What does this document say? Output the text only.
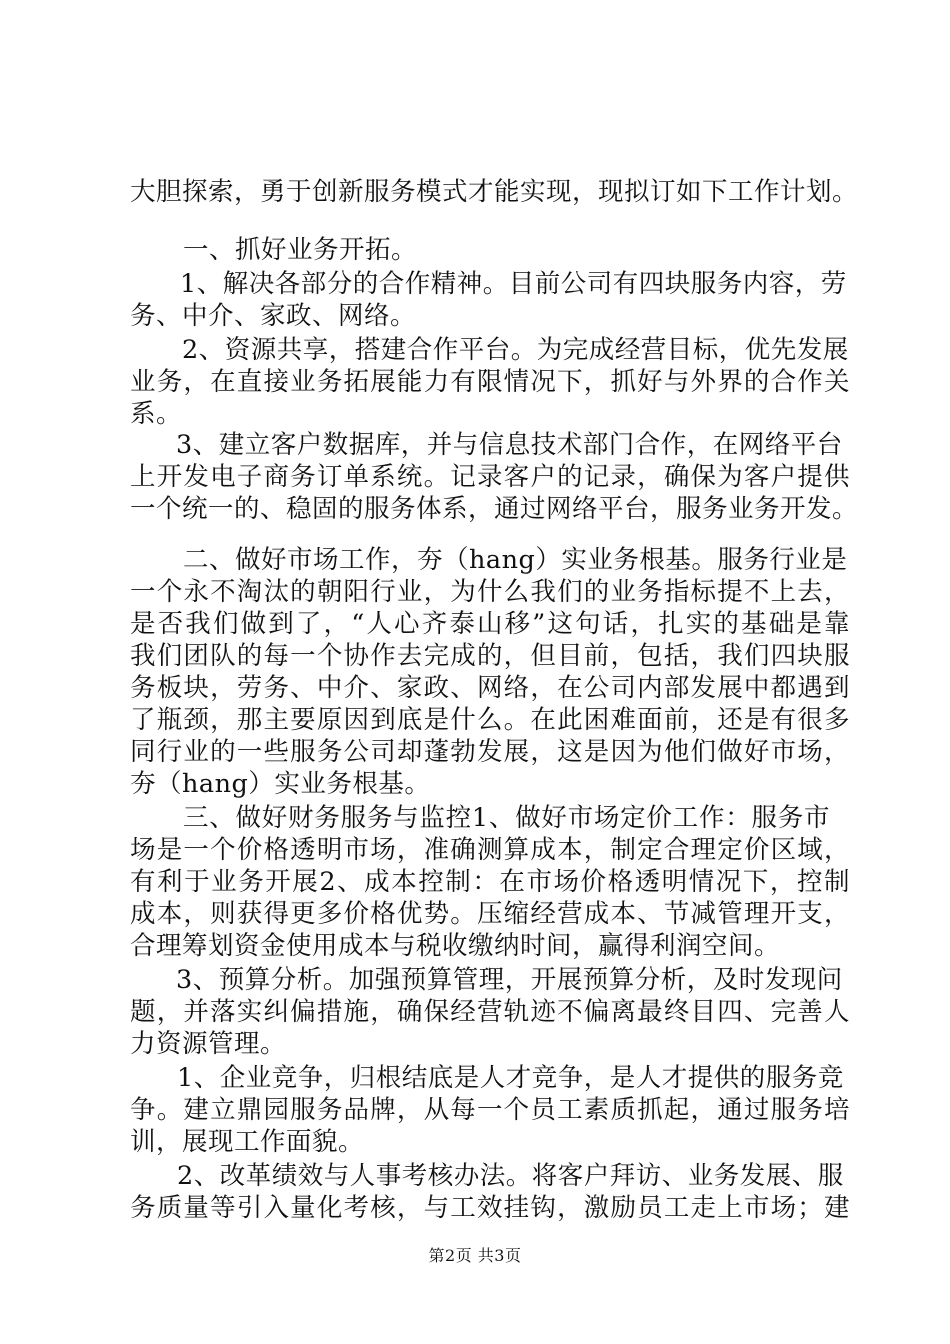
大胆探索，勇于创新服务模式才能实现，现拟订如下工作计划。
一、抓好业务开拓。
1、解决各部分的合作精神。目前公司有四块服务内容，劳
务、中介、家政、网络。
2、资源共享，搭建合作平台。为完成经营目标，优先发展
业务，在直接业务拓展能力有限情况下，抓好与外界的合作关
系。
3、建立客户数据库，并与信息技术部门合作，在网络平台
上开发电子商务订单系统。记录客户的记录，确保为客户提供
一个统一的、稳固的服务体系，通过网络平台，服务业务开发。
二、做好市场工作，夯（hang）实业务根基。服务行业是
一个永不淘汰的朝阳行业，为什么我们的业务指标提不上去，
是否我们做到了，“人心齐泰山移”这句话，扎实的基础是靠
我们团队的每一个协作去完成的，但目前，包括，我们四块服
务板块，劳务、中介、家政、网络，在公司内部发展中都遇到
了瓶颈，那主要原因到底是什么。在此困难面前，还是有很多
同行业的一些服务公司却蓬勃发展，这是因为他们做好市场，
夯（hang）实业务根基。
三、做好财务服务与监控1、做好市场定价工作：服务市
场是一个价格透明市场，准确测算成本，制定合理定价区域，
有利于业务开展2、成本控制：在市场价格透明情况下，控制
成本，则获得更多价格优势。压缩经营成本、节减管理开支，
合理筹划资金使用成本与税收缴纳时间，赢得利润空间。
3、预算分析。加强预算管理，开展预算分析，及时发现问
题，并落实纠偏措施，确保经营轨迹不偏离最终目四、完善人
力资源管理。
1、企业竞争，归根结底是人才竞争，是人才提供的服务竞
争。建立鼎园服务品牌，从每一个员工素质抓起，通过服务培
训，展现工作面貌。
2、改革绩效与人事考核办法。将客户拜访、业务发展、服
务质量等引入量化考核，与工效挂钩，激励员工走上市场；建
第2页 共3页
